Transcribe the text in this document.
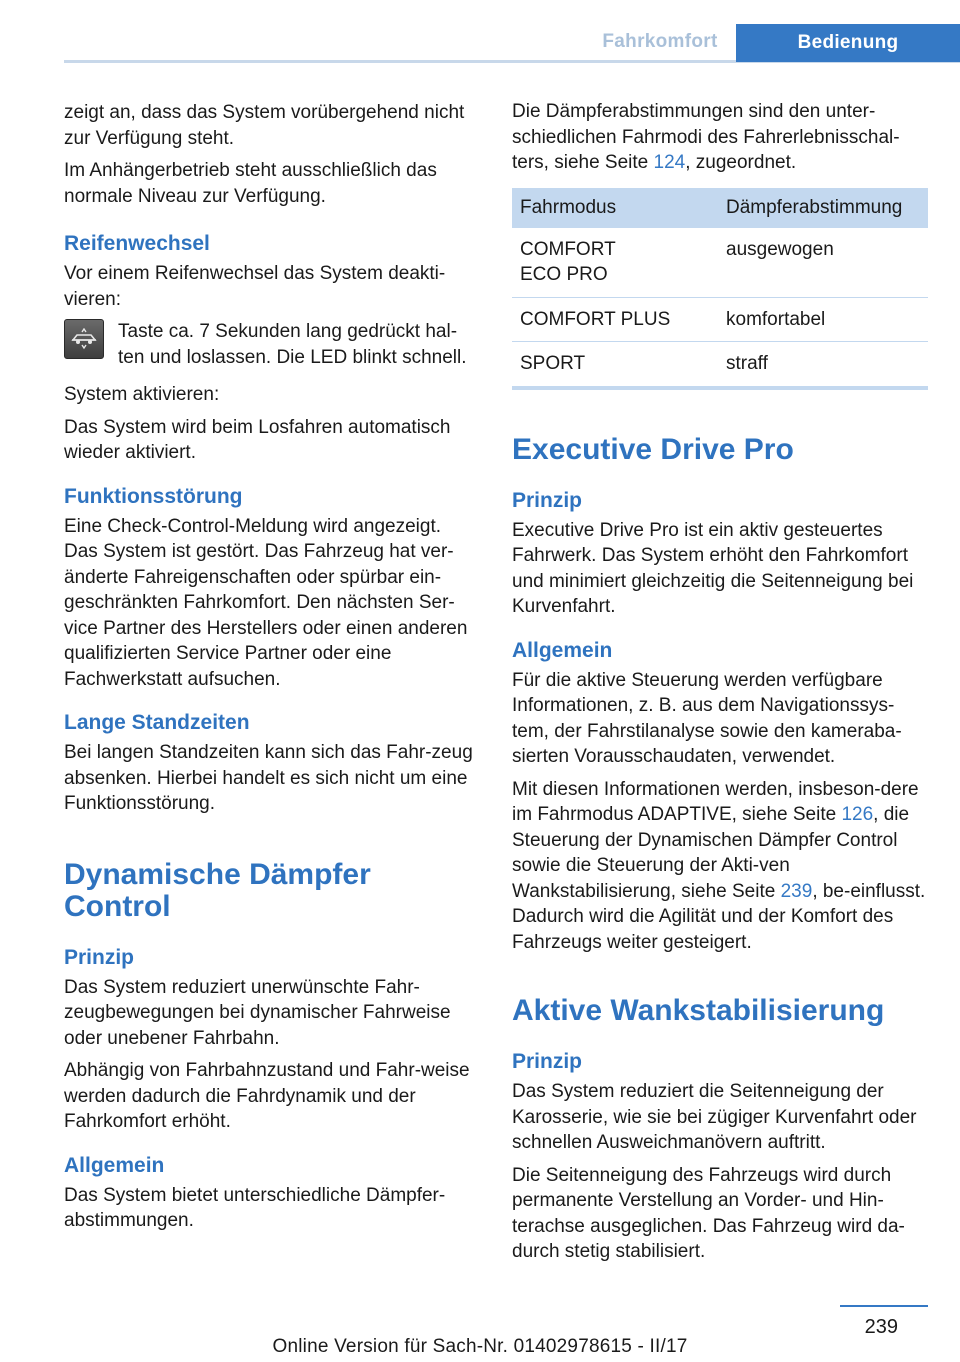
Fahrkomfort	Bedienung

zeigt an, dass das System vorübergehend nicht zur Verfügung steht.

Im Anhängerbetrieb steht ausschließlich das normale Niveau zur Verfügung.

Reifenwechsel

Vor einem Reifenwechsel das System deakti‐vieren:

Taste ca. 7 Sekunden lang gedrückt hal‐ten und loslassen. Die LED blinkt schnell.

System aktivieren:

Das System wird beim Losfahren automatisch wieder aktiviert.

Funktionsstörung

Eine Check-Control-Meldung wird angezeigt. Das System ist gestört. Das Fahrzeug hat ver‐änderte Fahreigenschaften oder spürbar ein‐geschränkten Fahrkomfort. Den nächsten Ser‐vice Partner des Herstellers oder einen anderen qualifizierten Service Partner oder eine Fachwerkstatt aufsuchen.

Lange Standzeiten

Bei langen Standzeiten kann sich das Fahr‐zeug absenken. Hierbei handelt es sich nicht um eine Funktionsstörung.

Dynamische Dämpfer Control
Prinzip

Das System reduziert unerwünschte Fahr‐zeugbewegungen bei dynamischer Fahrweise oder unebener Fahrbahn.

Abhängig von Fahrbahnzustand und Fahr‐weise werden dadurch die Fahrdynamik und der Fahrkomfort erhöht.

Allgemein

Das System bietet unterschiedliche Dämpfer‐abstimmungen.

Die Dämpferabstimmungen sind den unter‐schiedlichen Fahrmodi des Fahrerlebnisschal‐ters, siehe Seite 124, zugeordnet.

Fahrmodus	Dämpferabstimmung

COMFORT
ECO PRO	ausgewogen
COMFORT PLUS	komfortabel
SPORT	straff
Executive Drive Pro
Prinzip

Executive Drive Pro ist ein aktiv gesteuertes Fahrwerk. Das System erhöht den Fahrkomfort und minimiert gleichzeitig die Seitenneigung bei Kurvenfahrt.

Allgemein

Für die aktive Steuerung werden verfügbare Informationen, z. B. aus dem Navigationssys‐tem, der Fahrstilanalyse sowie den kameraba‐sierten Vorausschaudaten, verwendet.

Mit diesen Informationen werden, insbeson‐dere im Fahrmodus ADAPTIVE, siehe Seite 126, die Steuerung der Dynamischen Dämpfer Control sowie die Steuerung der Akti‐ven Wankstabilisierung, siehe Seite 239, be‐einflusst. Dadurch wird die Agilität und der Komfort des Fahrzeugs weiter gesteigert.

Aktive Wankstabilisierung
Prinzip

Das System reduziert die Seitenneigung der Karosserie, wie sie bei zügiger Kurvenfahrt oder schnellen Ausweichmanövern auftritt.

Die Seitenneigung des Fahrzeugs wird durch permanente Verstellung an Vorder- und Hin‐terachse ausgeglichen. Das Fahrzeug wird da‐durch stetig stabilisiert.

239
Online Version für Sach-Nr. 01402978615 - II/17
